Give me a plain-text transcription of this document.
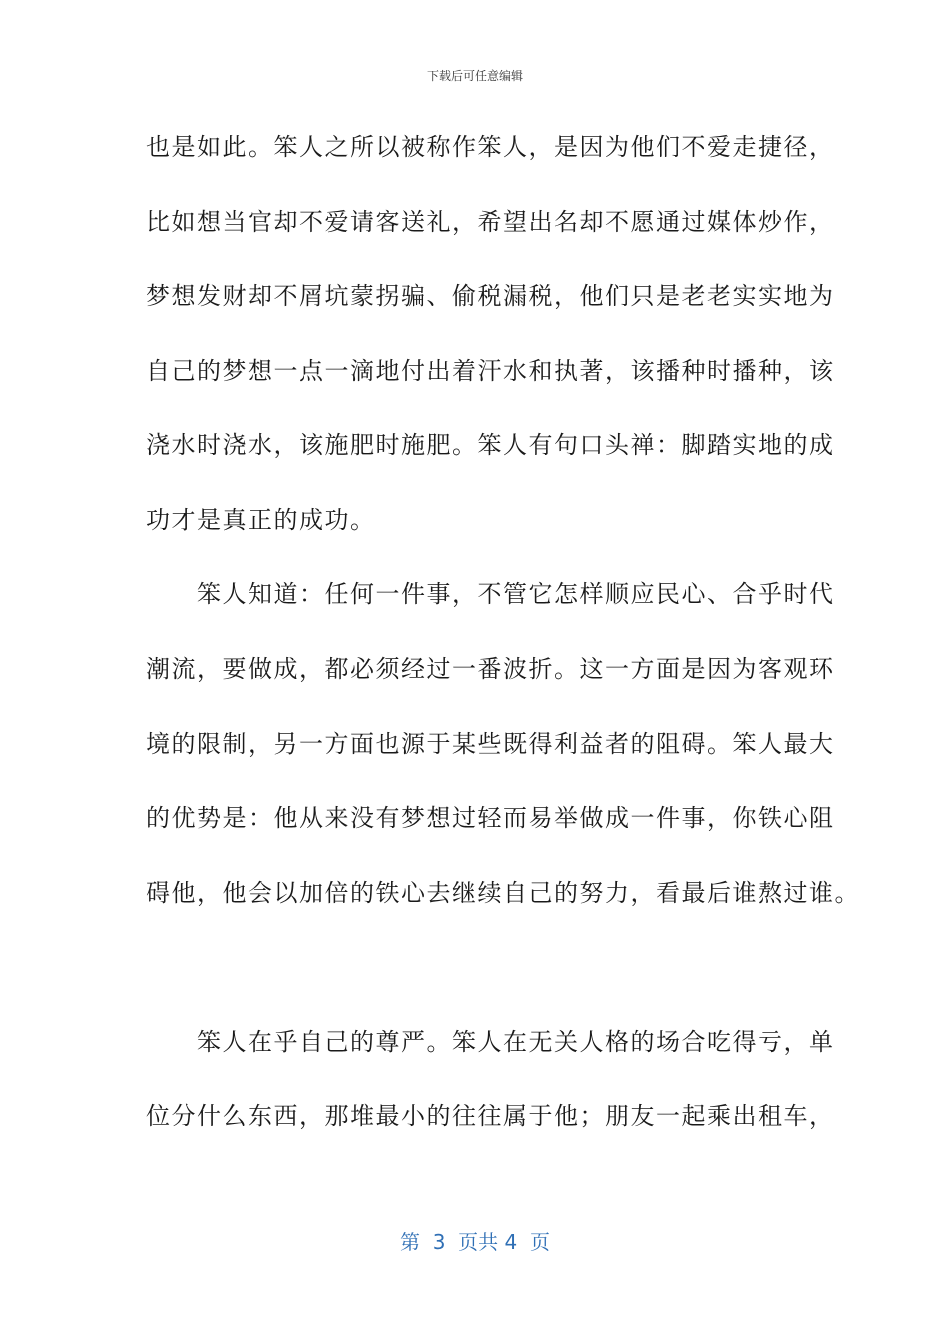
下载后可任意编辑
也是如此。笨人之所以被称作笨人，是因为他们不爱走捷径，
比如想当官却不爱请客送礼，希望出名却不愿通过媒体炒作，
梦想发财却不屑坑蒙拐骗、偷税漏税，他们只是老老实实地为
自己的梦想一点一滴地付出着汗水和执著，该播种时播种，该
浇水时浇水，该施肥时施肥。笨人有句口头禅：脚踏实地的成
功才是真正的成功。
　　笨人知道：任何一件事，不管它怎样顺应民心、合乎时代
潮流，要做成，都必须经过一番波折。这一方面是因为客观环
境的限制，另一方面也源于某些既得利益者的阻碍。笨人最大
的优势是：他从来没有梦想过轻而易举做成一件事，你铁心阻
碍他，他会以加倍的铁心去继续自己的努力，看最后谁熬过谁。
　　笨人在乎自己的尊严。笨人在无关人格的场合吃得亏，单
位分什么东西，那堆最小的往往属于他；朋友一起乘出租车，
第  3  页共 4  页
